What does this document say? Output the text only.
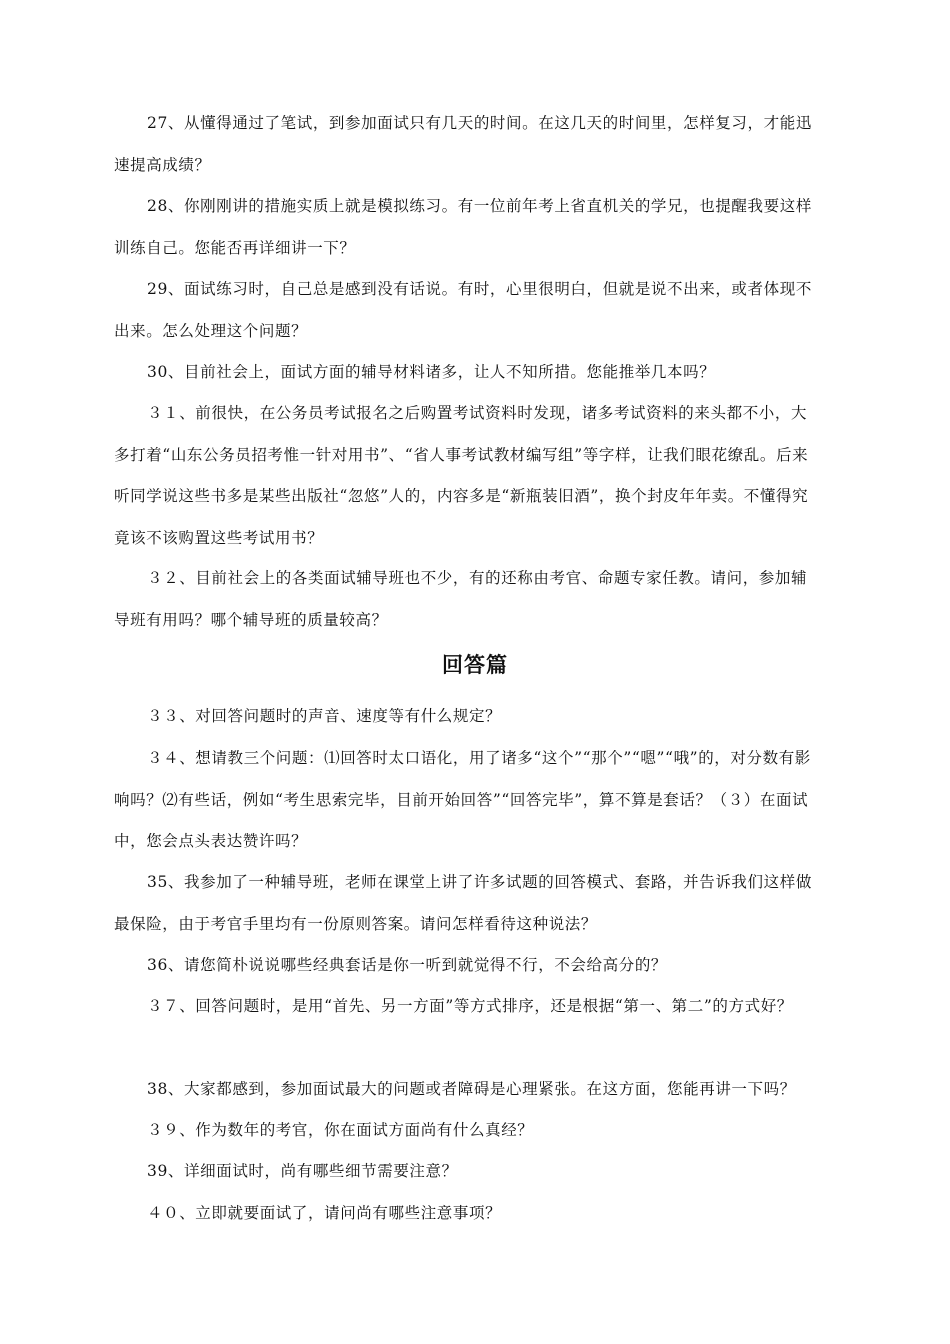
27、从懂得通过了笔试，到参加面试只有几天的时间。在这几天的时间里，怎样复习，才能迅速提高成绩？

28、你刚刚讲的措施实质上就是模拟练习。有一位前年考上省直机关的学兄，也提醒我要这样训练自己。您能否再详细讲一下？

29、面试练习时，自己总是感到没有话说。有时，心里很明白，但就是说不出来，或者体现不出来。怎么处理这个问题？

30、目前社会上，面试方面的辅导材料诸多，让人不知所措。您能推举几本吗？

３１、前很快，在公务员考试报名之后购置考试资料时发现，诸多考试资料的来头都不小，大多打着“山东公务员招考惟一针对用书”、“省人事考试教材编写组”等字样，让我们眼花缭乱。后来听同学说这些书多是某些出版社“忽悠”人的，内容多是“新瓶装旧酒”，换个封皮年年卖。不懂得究竟该不该购置这些考试用书？

３２、目前社会上的各类面试辅导班也不少，有的还称由考官、命题专家任教。请问，参加辅导班有用吗？哪个辅导班的质量较高？

回答篇

３３、对回答问题时的声音、速度等有什么规定？

３４、想请教三个问题：⑴回答时太口语化，用了诸多“这个”“那个”“嗯”“哦”的，对分数有影响吗？⑵有些话，例如“考生思索完毕，目前开始回答”“回答完毕”，算不算是套话？（３）在面试中，您会点头表达赞许吗？

35、我参加了一种辅导班，老师在课堂上讲了许多试题的回答模式、套路，并告诉我们这样做最保险，由于考官手里均有一份原则答案。请问怎样看待这种说法？

36、请您简朴说说哪些经典套话是你一听到就觉得不行，不会给高分的？

３７、回答问题时，是用“首先、另一方面”等方式排序，还是根据“第一、第二”的方式好？

38、大家都感到，参加面试最大的问题或者障碍是心理紧张。在这方面，您能再讲一下吗？

３９、作为数年的考官，你在面试方面尚有什么真经？

39、详细面试时，尚有哪些细节需要注意？

４０、立即就要面试了，请问尚有哪些注意事项？
